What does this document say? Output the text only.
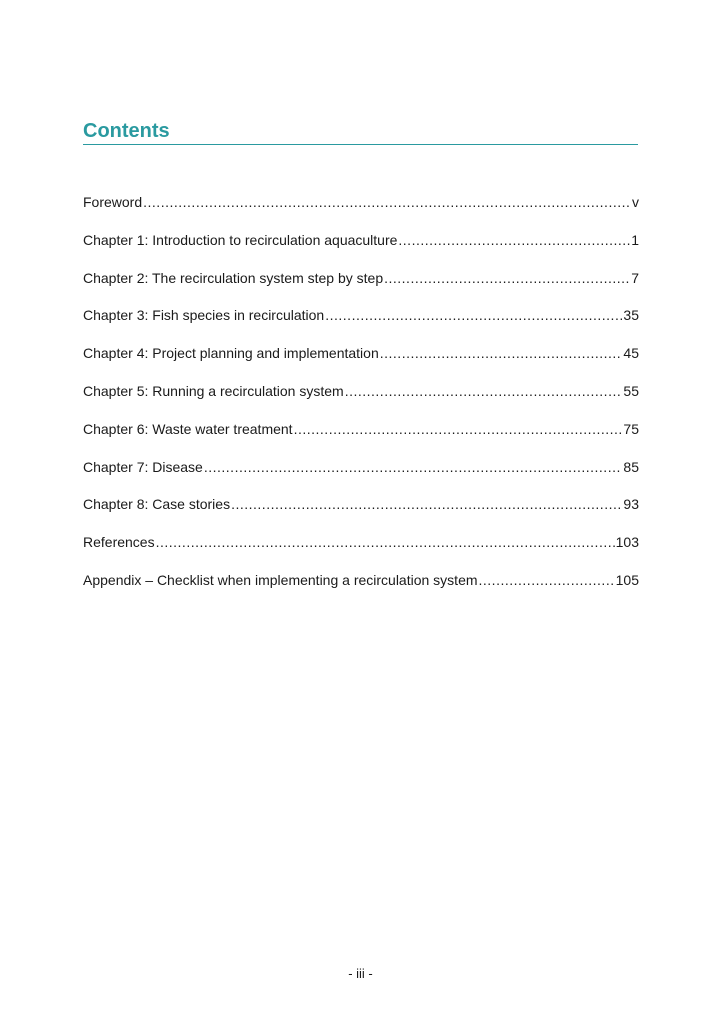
Contents
Foreword .....	v
Chapter 1: Introduction to recirculation aquaculture .....	1
Chapter 2: The recirculation system step by step .....	7
Chapter 3: Fish species in recirculation .....	35
Chapter 4: Project planning and implementation .....	45
Chapter 5: Running a recirculation system .....	55
Chapter 6: Waste water treatment .....	75
Chapter 7: Disease .....	85
Chapter 8: Case stories .....	93
References .....	103
Appendix – Checklist when implementing a recirculation system .....	105
- iii -
